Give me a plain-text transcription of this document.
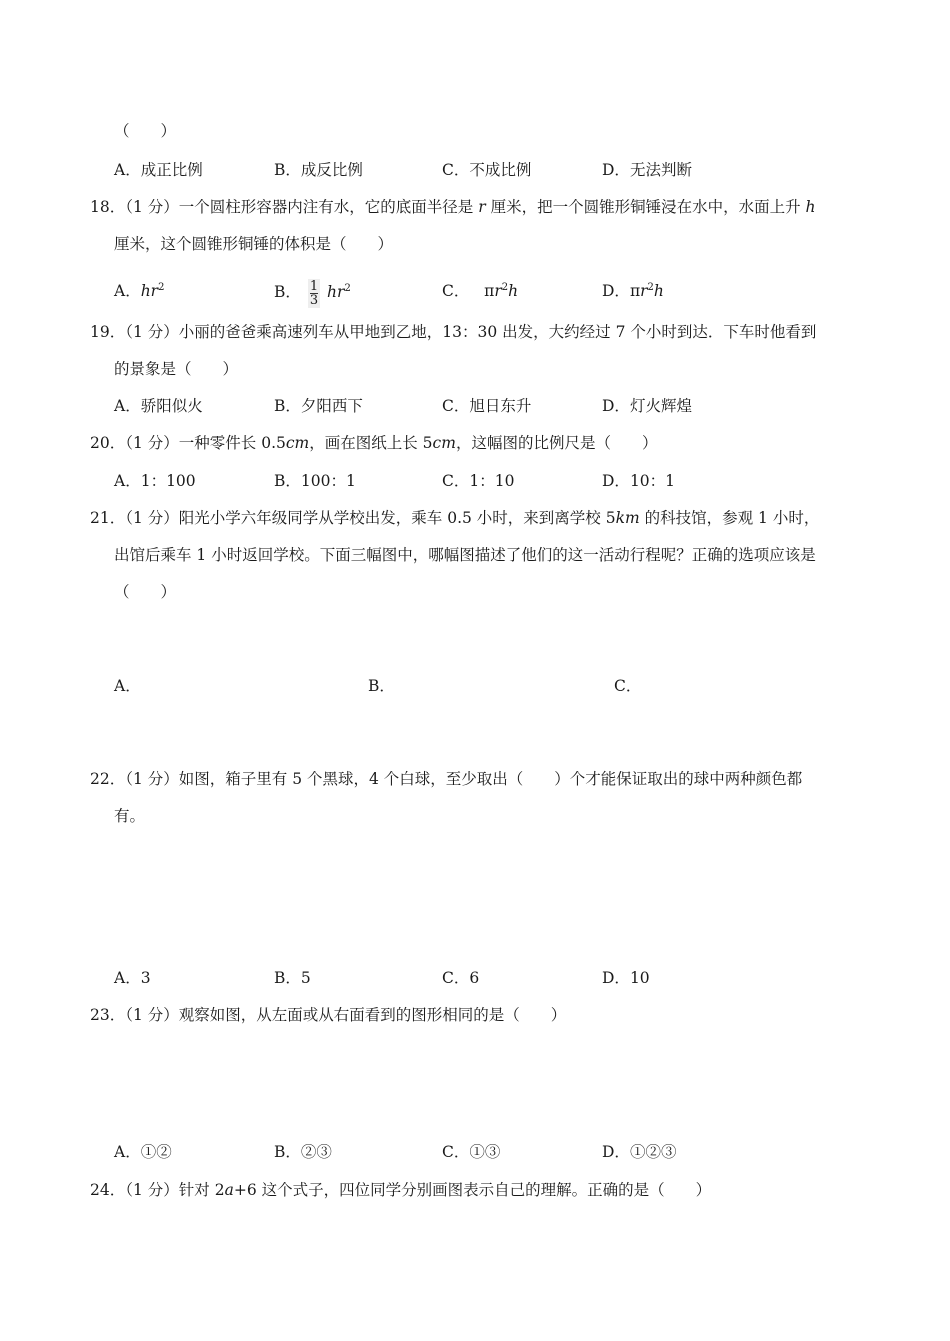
（　　）
A．成正比例	B．成反比例	C．不成比例	D．无法判断
18．（1 分）一个圆柱形容器内注有水，它的底面半径是 r 厘米，把一个圆锥形铜锤浸在水中，水面上升 h
厘米，这个圆锥形铜锤的体积是（　　）
A．$hr^2$	B． $\frac{1}{3} hr^2$	C． $\pi r^2h$	D．$\pi r^2h$
19．（1 分）小丽的爸爸乘高速列车从甲地到乙地，13：30 出发，大约经过 7 个小时到达．下车时他看到
的景象是（　　）
A．骄阳似火	B．夕阳西下	C．旭日东升	D．灯火辉煌
20．（1 分）一种零件长 0.5cm，画在图纸上长 5cm，这幅图的比例尺是（　　）
A．1：100	B．100：1	C．1：10	D．10：1
21．（1 分）阳光小学六年级同学从学校出发，乘车 0.5 小时，来到离学校 5km 的科技馆，参观 1 小时，
出馆后乘车 1 小时返回学校。下面三幅图中，哪幅图描述了他们的这一活动行程呢？正确的选项应该是
（　　）
A．	B．	C．
22．（1 分）如图，箱子里有 5 个黑球，4 个白球，至少取出（　　）个才能保证取出的球中两种颜色都
有。
A．3	B．5	C．6	D．10
23．（1 分）观察如图，从左面或从右面看到的图形相同的是（　　）
A．①②	B．②③	C．①③	D．①②③
24．（1 分）针对 2a+6 这个式子，四位同学分别画图表示自己的理解。正确的是（　　）
